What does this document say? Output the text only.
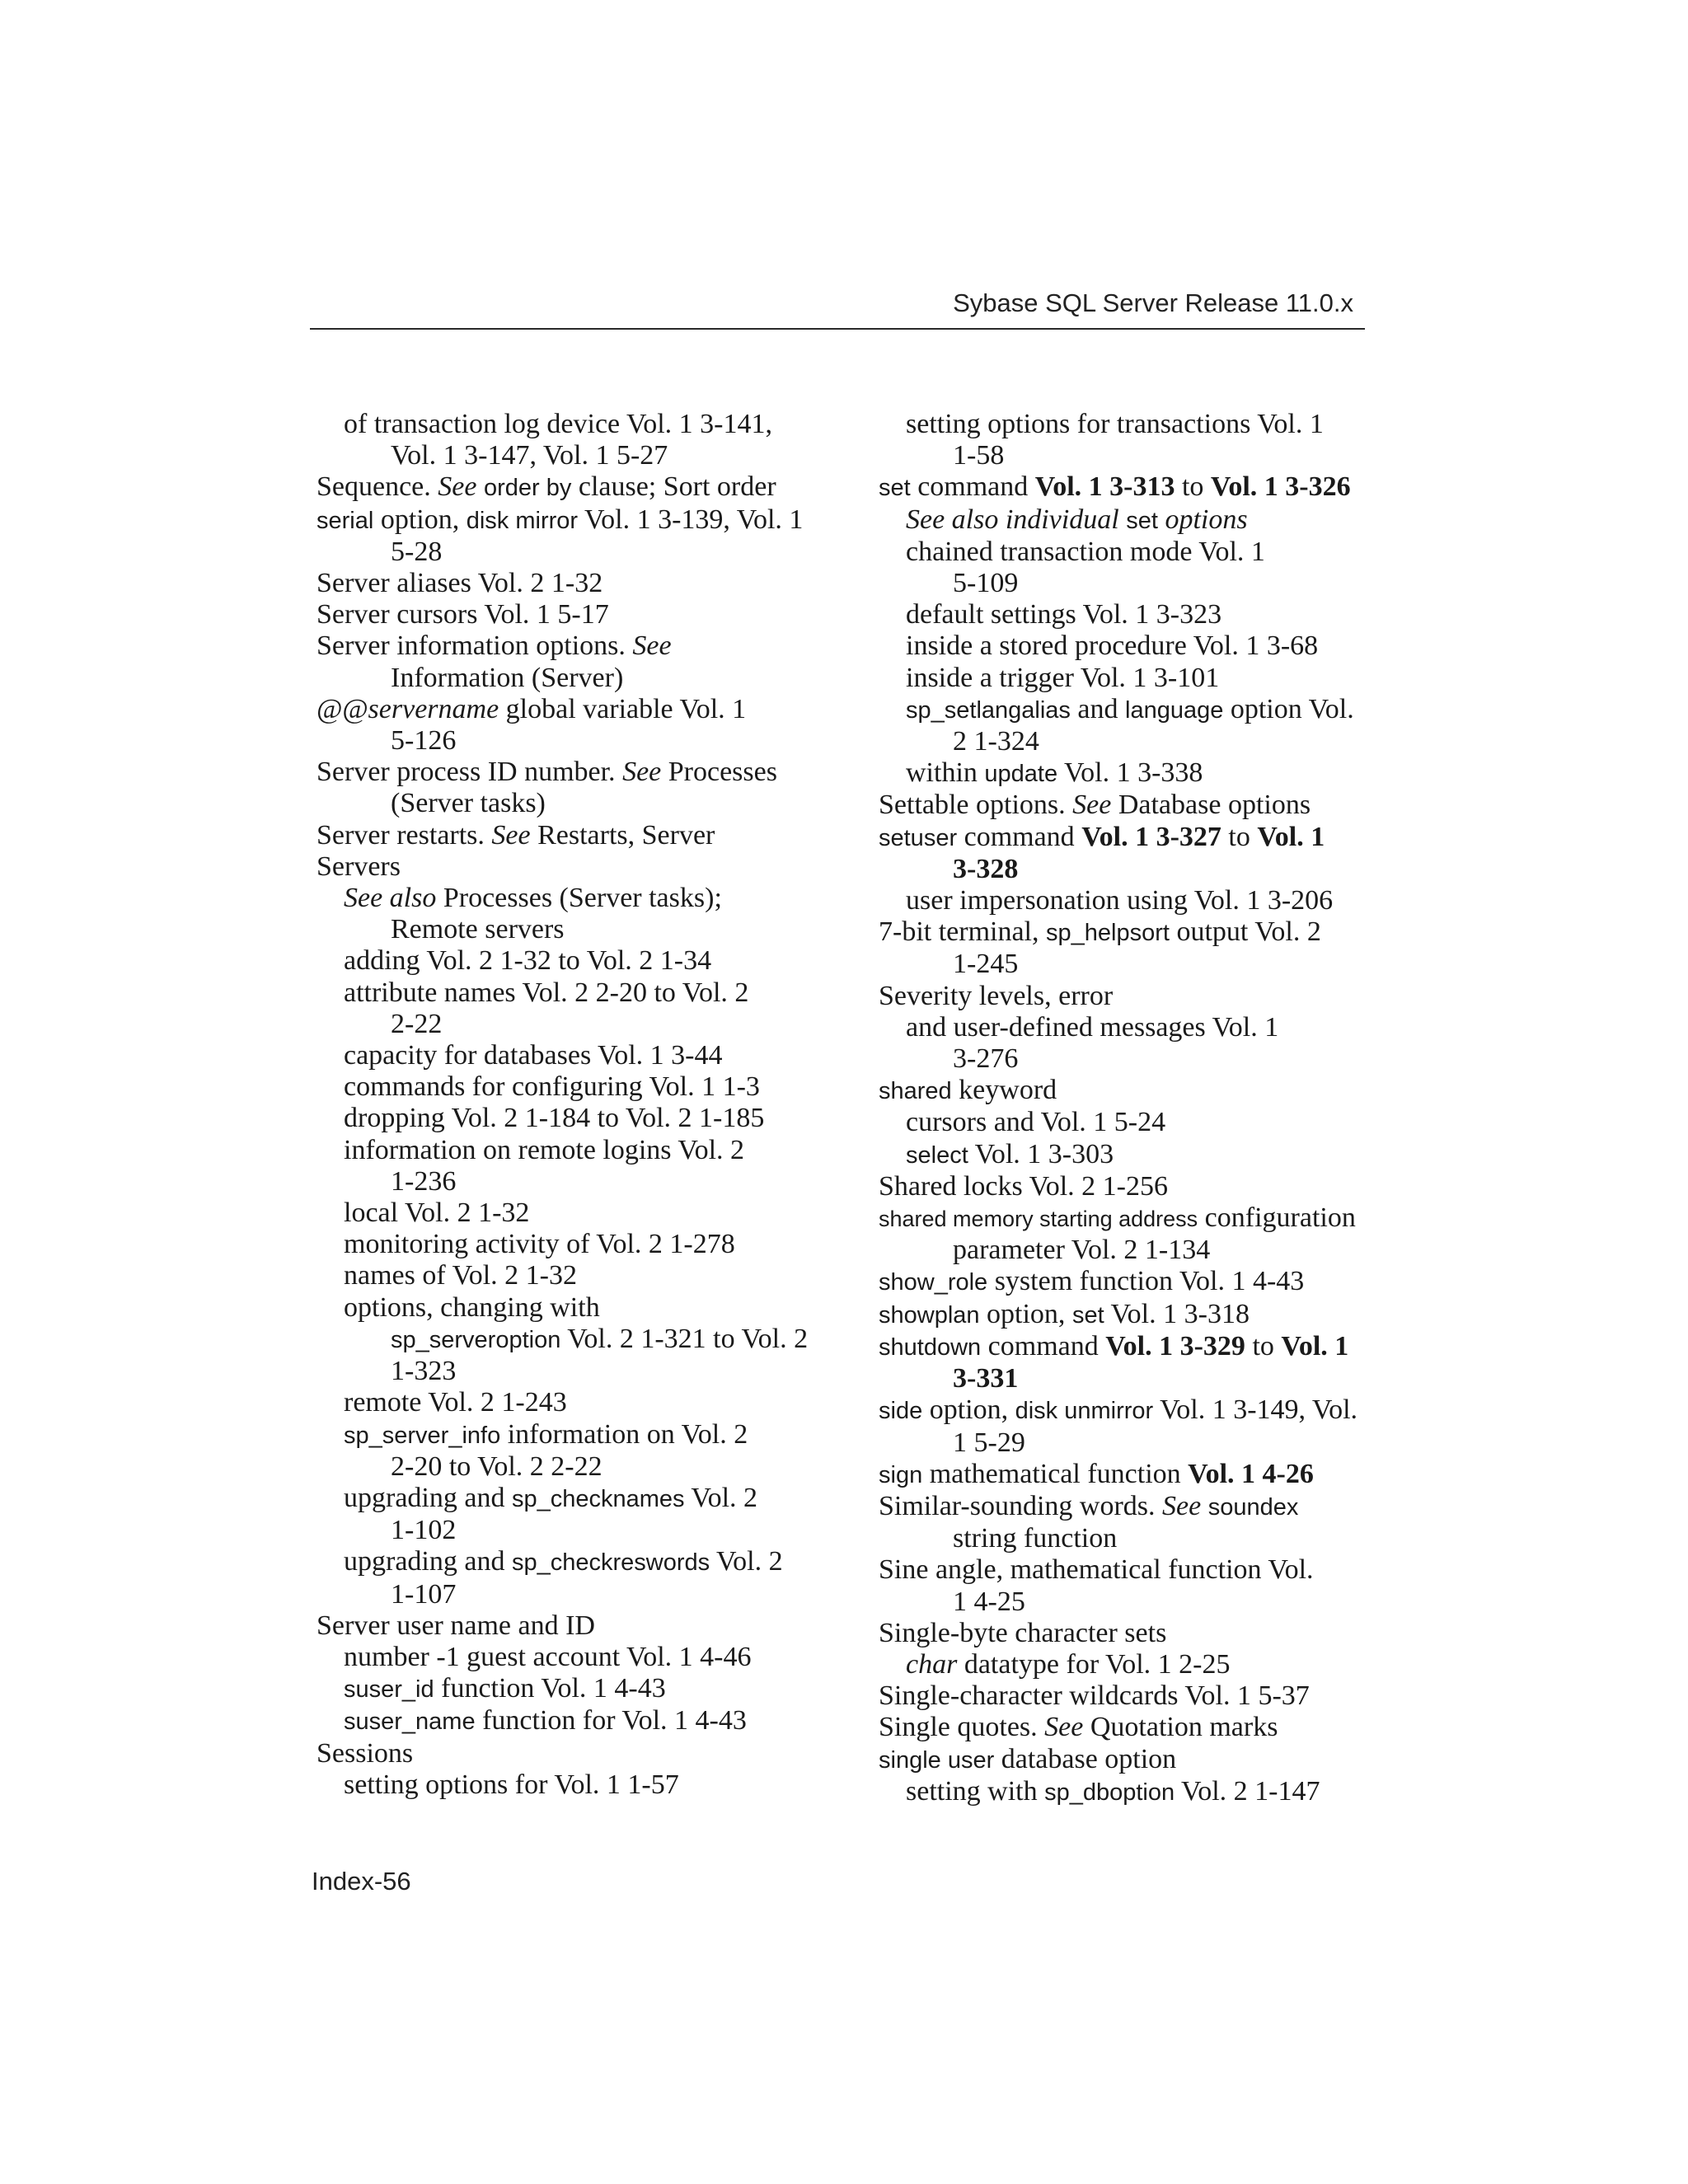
Sybase SQL Server Release 11.0.x
of transaction log device Vol. 1 3-141,
Vol. 1 3-147, Vol. 1 5-27
Sequence. See order by clause; Sort order
serial option, disk mirror Vol. 1 3-139, Vol. 1
5-28
Server aliases Vol. 2 1-32
Server cursors Vol. 1 5-17
Server information options. See
Information (Server)
@@servername global variable Vol. 1
5-126
Server process ID number. See Processes
(Server tasks)
Server restarts. See Restarts, Server
Servers
See also Processes (Server tasks);
Remote servers
adding Vol. 2 1-32 to Vol. 2 1-34
attribute names Vol. 2 2-20 to Vol. 2
2-22
capacity for databases Vol. 1 3-44
commands for configuring Vol. 1 1-3
dropping Vol. 2 1-184 to Vol. 2 1-185
information on remote logins Vol. 2
1-236
local Vol. 2 1-32
monitoring activity of Vol. 2 1-278
names of Vol. 2 1-32
options, changing with
sp_serveroption Vol. 2 1-321 to Vol. 2
1-323
remote Vol. 2 1-243
sp_server_info information on Vol. 2
2-20 to Vol. 2 2-22
upgrading and sp_checknames Vol. 2
1-102
upgrading and sp_checkreswords Vol. 2
1-107
Server user name and ID
number -1 guest account Vol. 1 4-46
suser_id function Vol. 1 4-43
suser_name function for Vol. 1 4-43
Sessions
setting options for Vol. 1 1-57
setting options for transactions Vol. 1
1-58
set command Vol. 1 3-313 to Vol. 1 3-326
See also individual set options
chained transaction mode Vol. 1
5-109
default settings Vol. 1 3-323
inside a stored procedure Vol. 1 3-68
inside a trigger Vol. 1 3-101
sp_setlangalias and language option Vol.
2 1-324
within update Vol. 1 3-338
Settable options. See Database options
setuser command Vol. 1 3-327 to Vol. 1
3-328
user impersonation using Vol. 1 3-206
7-bit terminal, sp_helpsort output Vol. 2
1-245
Severity levels, error
and user-defined messages Vol. 1
3-276
shared keyword
cursors and Vol. 1 5-24
select Vol. 1 3-303
Shared locks Vol. 2 1-256
shared memory starting address configuration
parameter Vol. 2 1-134
show_role system function Vol. 1 4-43
showplan option, set Vol. 1 3-318
shutdown command Vol. 1 3-329 to Vol. 1
3-331
side option, disk unmirror Vol. 1 3-149, Vol.
1 5-29
sign mathematical function Vol. 1 4-26
Similar-sounding words. See soundex
string function
Sine angle, mathematical function Vol.
1 4-25
Single-byte character sets
char datatype for Vol. 1 2-25
Single-character wildcards Vol. 1 5-37
Single quotes. See Quotation marks
single user database option
setting with sp_dboption Vol. 2 1-147
Index-56
